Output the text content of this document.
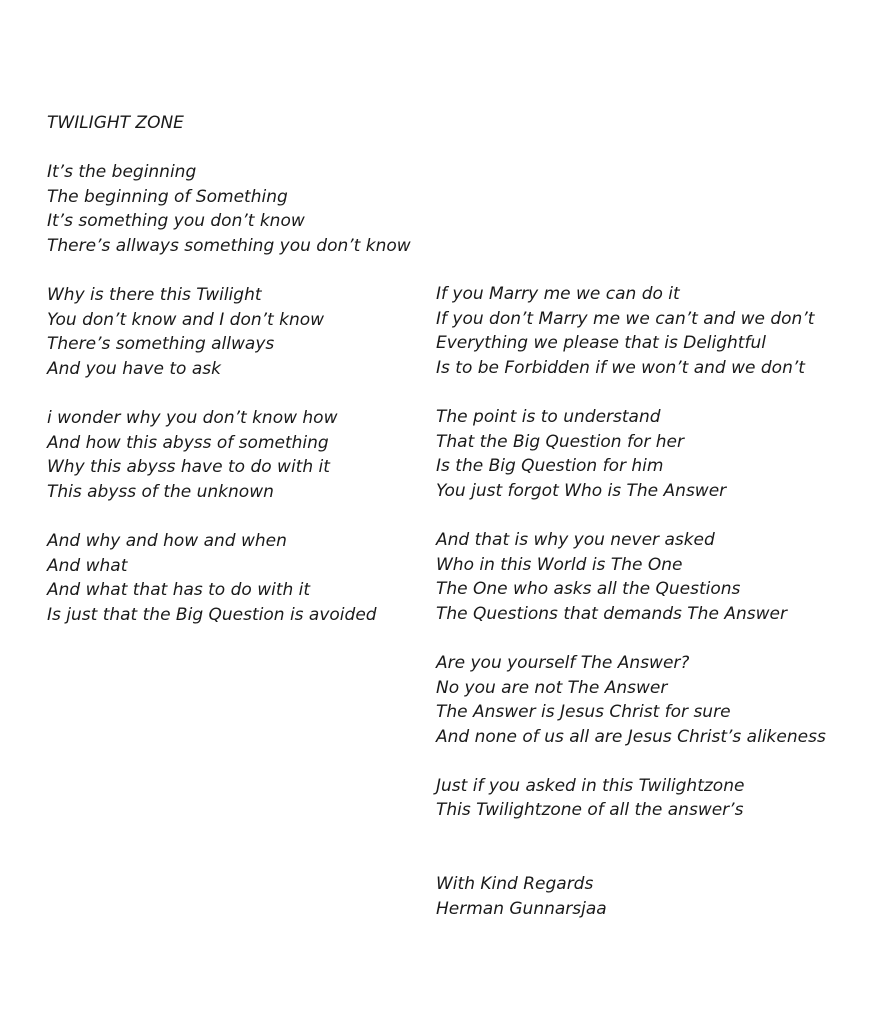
TWILIGHT ZONE
It’s the beginning
The beginning of Something
It’s something you don’t know
There’s allways something you don’t know
Why is there this Twilight
You don’t know and I don’t know
There’s something allways
And you have to ask
i wonder why you don’t know how
And how this abyss of something
Why this abyss have to do with it
This abyss of the unknown
And why and how and when
And what
And what that has to do with it
Is just that the Big Question is avoided
If you Marry me we can do it
If you don’t Marry me we can’t and we don’t
Everything we please that is Delightful
Is to be Forbidden if we won’t and we don’t
The point is to understand
That the Big Question for her
Is the Big Question for him
You just forgot Who is The Answer
And that is why you never asked
Who in this World is The One
The One who asks all the Questions
The Questions that demands The Answer
Are you yourself The Answer?
No you are not The Answer
The Answer is Jesus Christ for sure
And none of us all are Jesus Christ’s alikeness
Just if you asked in this Twilightzone
This Twilightzone of all the answer’s
With Kind Regards
Herman Gunnarsjaa
